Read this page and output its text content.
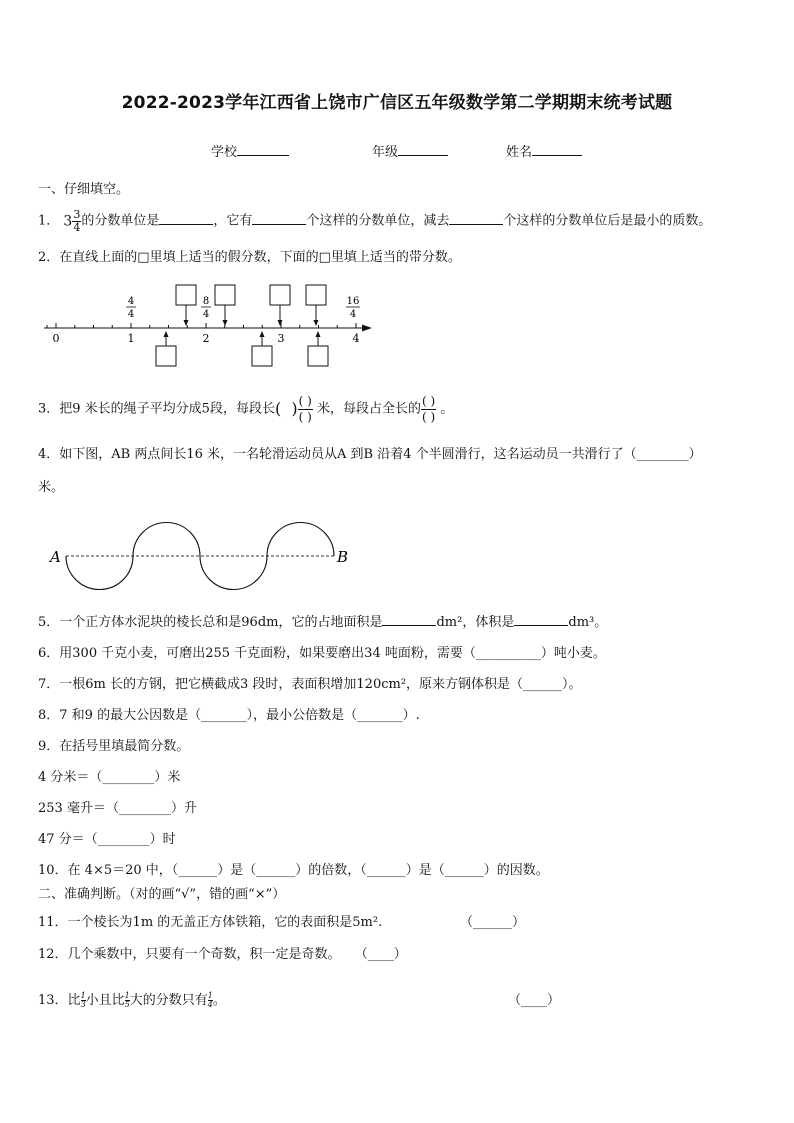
2022-2023学年江西省上饶市广信区五年级数学第二学期期末统考试题
学校	年级	姓名
一、仔细填空。
1． $3 \frac{3}{4}$ 的分数单位是	，它有	个这样的分数单位，减去	个这样的分数单位后是最小的质数。
2．在直线上面的□里填上适当的假分数，下面的□里填上适当的带分数。
0	1	2	3	4
4
4
8
4
16
4
3．把9 米长的绳子平均分成5段，每段长(  ) $\frac{( )}{( )}$ 米，每段占全长的 $\frac{( )}{( )}$ 。
4．如下图，AB 两点间长16 米，一名轮滑运动员从A 到B 沿着4 个半圆滑行，这名运动员一共滑行了（________）
米。
A	B
5．一个正方体水泥块的棱长总和是96dm，它的占地面积是	dm²，体积是	dm³。
6．用300 千克小麦，可磨出255 千克面粉，如果要磨出34 吨面粉，需要（__________）吨小麦。
7．一根6m 长的方钢，把它横截成3 段时，表面积增加120cm²，原来方钢体积是（______）。
8．7 和9 的最大公因数是（_______），最小公倍数是（_______）.
9．在括号里填最简分数。
4 分米＝（________）米
253 毫升＝（________）升
47 分＝（________）时
10．在 4×5＝20 中，（______）是（______）的倍数，（______）是（______）的因数。
二、准确判断。（对的画“√”，错的画“×”）
11．一个棱长为1m 的无盖正方体铁箱，它的表面积是5m².	（______）
12．几个乘数中，只要有一个奇数，积一定是奇数。 （____）
13．比 $\frac{1}{3}$ 小且比 $\frac{1}{5}$ 大的分数只有 $\frac{1}{4}$ 。	（____）
